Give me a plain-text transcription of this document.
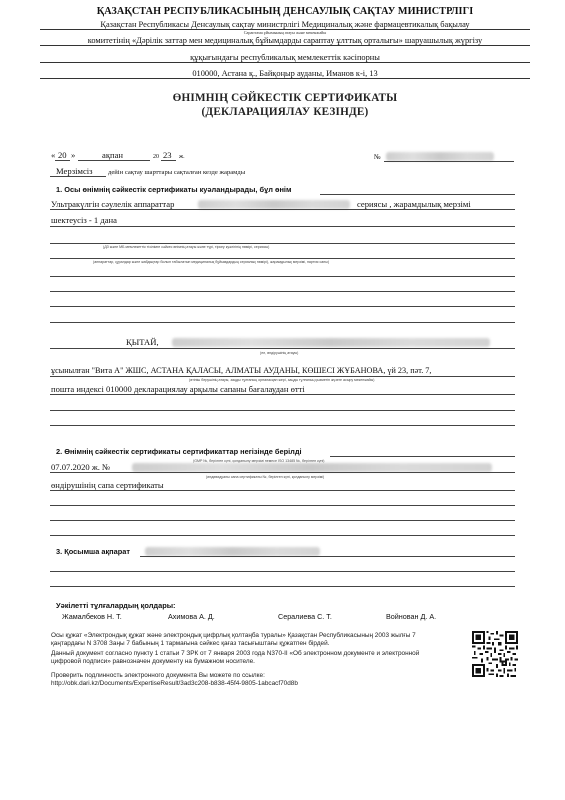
ҚАЗАҚСТАН РЕСПУБЛИКАСЫНЫҢ ДЕНСАУЛЫҚ САҚТАУ МИНИСТРЛІГІ
Қазақстан Республикасы Денсаулық сақтау министрлігі Медициналық және фармацевтикалық бақылау
Сараптама ұйымының атауы және мекенжайы
комитетінің «Дәрілік заттар мен медициналық бұйымдарды сараптау ұлттық орталығы» шаруашылық жүргізу
құқығындағы республикалық мемлекеттік кәсіпорны
010000, Астана қ., Байқоңыр ауданы, Иманов к-і, 13
ӨНІМНІҢ СӘЙКЕСТІК СЕРТИФИКАТЫ
(ДЕКЛАРАЦИЯЛАУ КЕЗІНДЕ)
« 20 »	ақпан	20 23 ж.	№
Мерзімсіз дейін сақтау шарттары сақталған кезде жарамды
1. Осы өнімнің сәйкестік сертификаты куәландырады, бұл өнім
Ультракүлгін сәулелік аппараттар	сериясы , жарамдылық мерзімі
шектеусіз - 1 дана
(ДЗ және МБ мемлекеттік тізілімге сәйкес өнімнің атауы және түрі, тіркеу куәлігінің нөмірі, сериясы)
(аппараттар, құралдар және жабдықтар болып табылатын медициналық бұйымдардың сериялық нөмірі), жарамдылық мерзімі, партия саны)
ҚЫТАЙ,
(ел, өндірушінің атауы)
ұсынылған "Вита А" ЖШС, АСТАНА ҚАЛАСЫ, АЛМАТЫ АУДАНЫ, КӨШЕСІ ЖҰБАНОВА, үй 23, пәт. 7,
(өтініш берушінің атауы, заңды тұлғаның орналасқан жері, заңды тұлғаның қызметін жүзеге асыру мекенжайы)
пошта индексі 010000 декларациялау арқылы сапаны бағалаудан өтті
2. Өнімнің сәйкестік сертификаты сертификаттар негізінде берілді
(GMP №, берілген күні, қолданылу мерзімі немесе ISO 13485 №, берілген күні)
07.07.2020 ж. №
(индивидуалы сапа сертификаты №, берілген күні, қолданылу мерзімі)
өндірушінің сапа сертификаты
3. Қосымша ақпарат
Уәкілетті тұлғалардың қолдары:
Жамалбеков Н. Т.	Ахимова А. Д.	Сералиева С. Т.	Войнован Д. А.
Осы құжат «Электрондық құжат және электрондық цифрлық қолтаңба туралы» Қазақстан Республикасының 2003 жылғы 7 қаңтардағы N 3708 Заңы 7 бабының 1 тармағына сәйкес қағаз тасығыштағы құжатпен бірдей.
Данный документ согласно пункту 1 статьи 7 ЗРК от 7 января 2003 года N370-II «Об электронном документе и электронной цифровой подписи» равнозначен документу на бумажном носителе.
Проверить подлинность электронного документа Вы можете по ссылке:
http://obk.dari.kz/Documents/ExpertiseResult/3ad3c208-b838-45f4-9805-1abcacf70d8b
